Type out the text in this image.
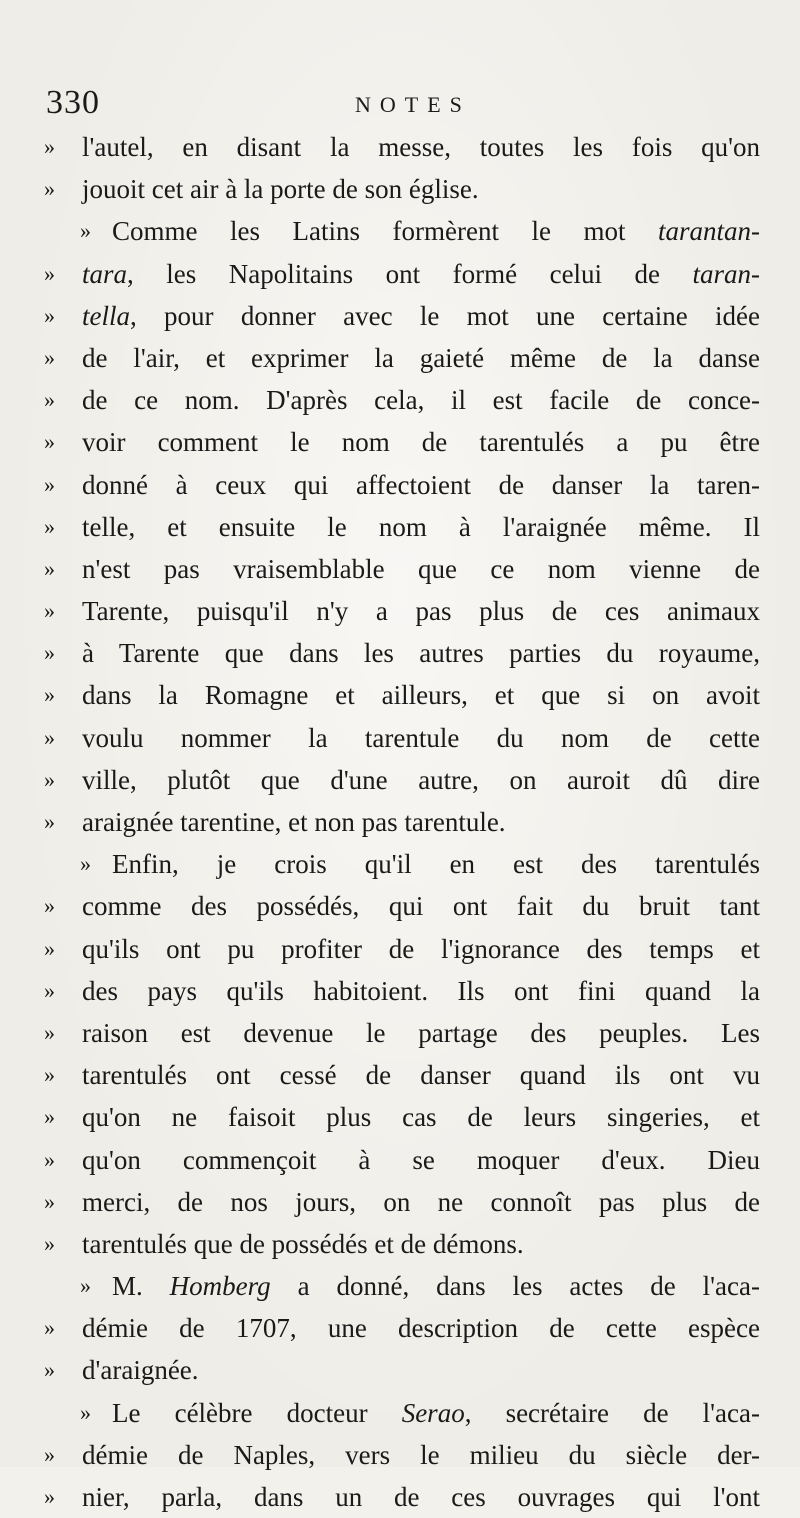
330	NOTES
»	l'autel, en disant la messe, toutes les fois qu'on
»	jouoit cet air à la porte de son église.
» Comme les Latins formèrent le mot tarantan-
»	tara, les Napolitains ont formé celui de taran-
»	tella, pour donner avec le mot une certaine idée
»	de l'air, et exprimer la gaieté même de la danse
»	de ce nom. D'après cela, il est facile de conce-
»	voir comment le nom de tarentulés a pu être
»	donné à ceux qui affectoient de danser la taren-
»	telle, et ensuite le nom à l'araignée même. Il
»	n'est pas vraisemblable que ce nom vienne de
»	Tarente, puisqu'il n'y a pas plus de ces animaux
»	à Tarente que dans les autres parties du royaume,
»	dans la Romagne et ailleurs, et que si on avoit
»	voulu nommer la tarentule du nom de cette
»	ville, plutôt que d'une autre, on auroit dû dire
»	araignée tarentine, et non pas tarentule.
» Enfin, je crois qu'il en est des tarentulés
»	comme des possédés, qui ont fait du bruit tant
»	qu'ils ont pu profiter de l'ignorance des temps et
»	des pays qu'ils habitoient. Ils ont fini quand la
»	raison est devenue le partage des peuples. Les
»	tarentulés ont cessé de danser quand ils ont vu
»	qu'on ne faisoit plus cas de leurs singeries, et
»	qu'on commençoit à se moquer d'eux. Dieu
»	merci, de nos jours, on ne connoît pas plus de
»	tarentulés que de possédés et de démons.
» M. Homberg a donné, dans les actes de l'aca-
»	démie de 1707, une description de cette espèce
»	d'araignée.
» Le célèbre docteur Serao, secrétaire de l'aca-
»	démie de Naples, vers le milieu du siècle der-
»	nier, parla, dans un de ces ouvrages qui l'ont
